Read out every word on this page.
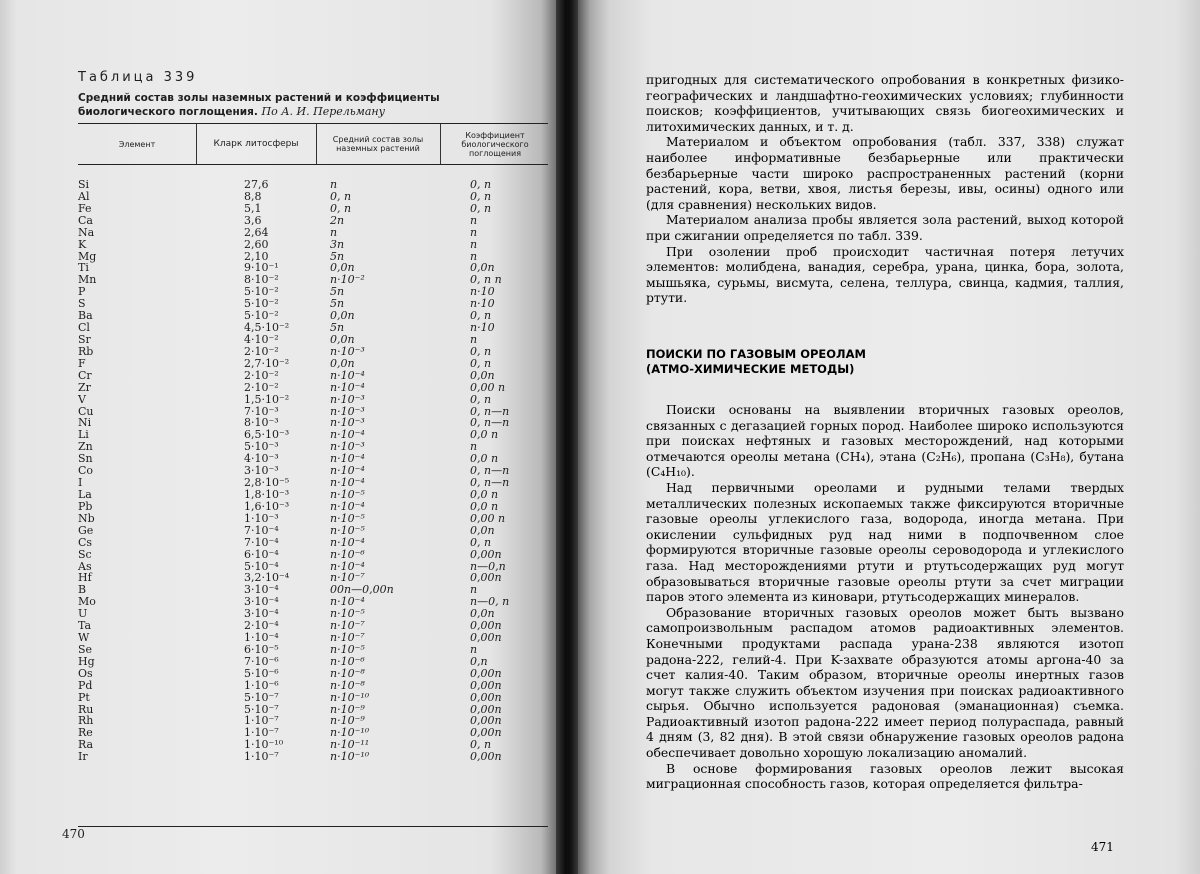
Таблица 339
Средний состав золы наземных растений и коэффициенты биологического поглощения. По А. И. Перельману
Элемент	Кларк литосферы	Средний состав золы наземных растений
Коэффициент биологического поглощения
Si	27,6	n	0, n
Al	8,8	0, n	0, n
Fe	5,1	0, n	0, n
Ca	3,6	2n	n
Na	2,64	n	n
K	2,60	3n	n
Mg	2,10	5n	n
Ti	9·10⁻¹	0,0n	0,0n
Mn	8·10⁻²	n·10⁻²	0, n n
P	5·10⁻²	5n	n·10
S	5·10⁻²	5n	n·10
Ba	5·10⁻²	0,0n	0, n
Cl	4,5·10⁻²	5n	n·10
Sr	4·10⁻²	0,0n	n
Rb	2·10⁻²	n·10⁻³	0, n
F	2,7·10⁻²	0,0n	0, n
Cr	2·10⁻²	n·10⁻⁴	0,0n
Zr	2·10⁻²	n·10⁻⁴	0,00 n
V	1,5·10⁻²	n·10⁻³	0, n
Cu	7·10⁻³	n·10⁻³	0, n—n
Ni	8·10⁻³	n·10⁻³	0, n—n
Li	6,5·10⁻³	n·10⁻⁴	0,0 n
Zn	5·10⁻³	n·10⁻³	n
Sn	4·10⁻³	n·10⁻⁴	0,0 n
Co	3·10⁻³	n·10⁻⁴	0, n—n
I	2,8·10⁻⁵	n·10⁻⁴	0, n—n
La	1,8·10⁻³	n·10⁻⁵	0,0 n
Pb	1,6·10⁻³	n·10⁻⁴	0,0 n
Nb	1·10⁻³	n·10⁻⁵	0,00 n
Ge	7·10⁻⁴	n·10⁻⁵	0,0n
Cs	7·10⁻⁴	n·10⁻⁴	0, n
Sc	6·10⁻⁴	n·10⁻⁶	0,00n
As	5·10⁻⁴	n·10⁻⁴	n—0,n
Hf	3,2·10⁻⁴	n·10⁻⁷	0,00n
B	3·10⁻⁴	00n—0,00n	n
Mo	3·10⁻⁴	n·10⁻⁴	n—0, n
U	3·10⁻⁴	n·10⁻⁵	0,0n
Ta	2·10⁻⁴	n·10⁻⁷	0,00n
W	1·10⁻⁴	n·10⁻⁷	0,00n
Se	6·10⁻⁵	n·10⁻⁵	n
Hg	7·10⁻⁶	n·10⁻⁶	0,n
Os	5·10⁻⁶	n·10⁻⁸	0,00n
Pd	1·10⁻⁶	n·10⁻⁸	0,00n
Pt	5·10⁻⁷	n·10⁻¹⁰	0,00n
Ru	5·10⁻⁷	n·10⁻⁹	0,00n
Rh	1·10⁻⁷	n·10⁻⁹	0,00n
Re	1·10⁻⁷	n·10⁻¹⁰	0,00n
Ra	1·10⁻¹⁰	n·10⁻¹¹	0, n
Ir	1·10⁻⁷	n·10⁻¹⁰	0,00n
470

пригодных для систематического опробования в конкретных физико-географических и ландшафтно-геохимических условиях; глубинности поисков; коэффициентов, учитывающих связь биогеохимических и литохимических данных, и т. д.

Материалом и объектом опробования (табл. 337, 338) служат наиболее информативные безбарьерные или практически безбарьерные части широко распространенных растений (корни растений, кора, ветви, хвоя, листья березы, ивы, осины) одного или (для сравнения) нескольких видов.

Материалом анализа пробы является зола растений, выход которой при сжигании определяется по табл. 339.

При озолении проб происходит частичная потеря летучих элементов: молибдена, ванадия, серебра, урана, цинка, бора, золота, мышьяка, сурьмы, висмута, селена, теллура, свинца, кадмия, таллия, ртути.

ПОИСКИ ПО ГАЗОВЫМ ОРЕОЛАМ
(АТМО-ХИМИЧЕСКИЕ МЕТОДЫ)

Поиски основаны на выявлении вторичных газовых ореолов, связанных с дегазацией горных пород. Наиболее широко используются при поисках нефтяных и газовых месторождений, над которыми отмечаются ореолы метана (CH₄), этана (C₂H₆), пропана (C₃H₈), бутана (C₄H₁₀).

Над первичными ореолами и рудными телами твердых металлических полезных ископаемых также фиксируются вторичные газовые ореолы углекислого газа, водорода, иногда метана. При окислении сульфидных руд над ними в подпочвенном слое формируются вторичные газовые ореолы сероводорода и углекислого газа. Над месторождениями ртути и ртутьсодержащих руд могут образовываться вторичные газовые ореолы ртути за счет миграции паров этого элемента из киновари, ртутьсодержащих минералов.

Образование вторичных газовых ореолов может быть вызвано самопроизвольным распадом атомов радиоактивных элементов. Конечными продуктами распада урана-238 являются изотоп радона-222, гелий-4. При K-захвате образуются атомы аргона-40 за счет калия-40. Таким образом, вторичные ореолы инертных газов могут также служить объектом изучения при поисках радиоактивного сырья. Обычно используется радоновая (эманационная) съемка. Радиоактивный изотоп радона-222 имеет период полураспада, равный 4 дням (3, 82 дня). В этой связи обнаружение газовых ореолов радона обеспечивает довольно хорошую локализацию аномалий.

В основе формирования газовых ореолов лежит высокая миграционная способность газов, которая определяется фильтра-

471
